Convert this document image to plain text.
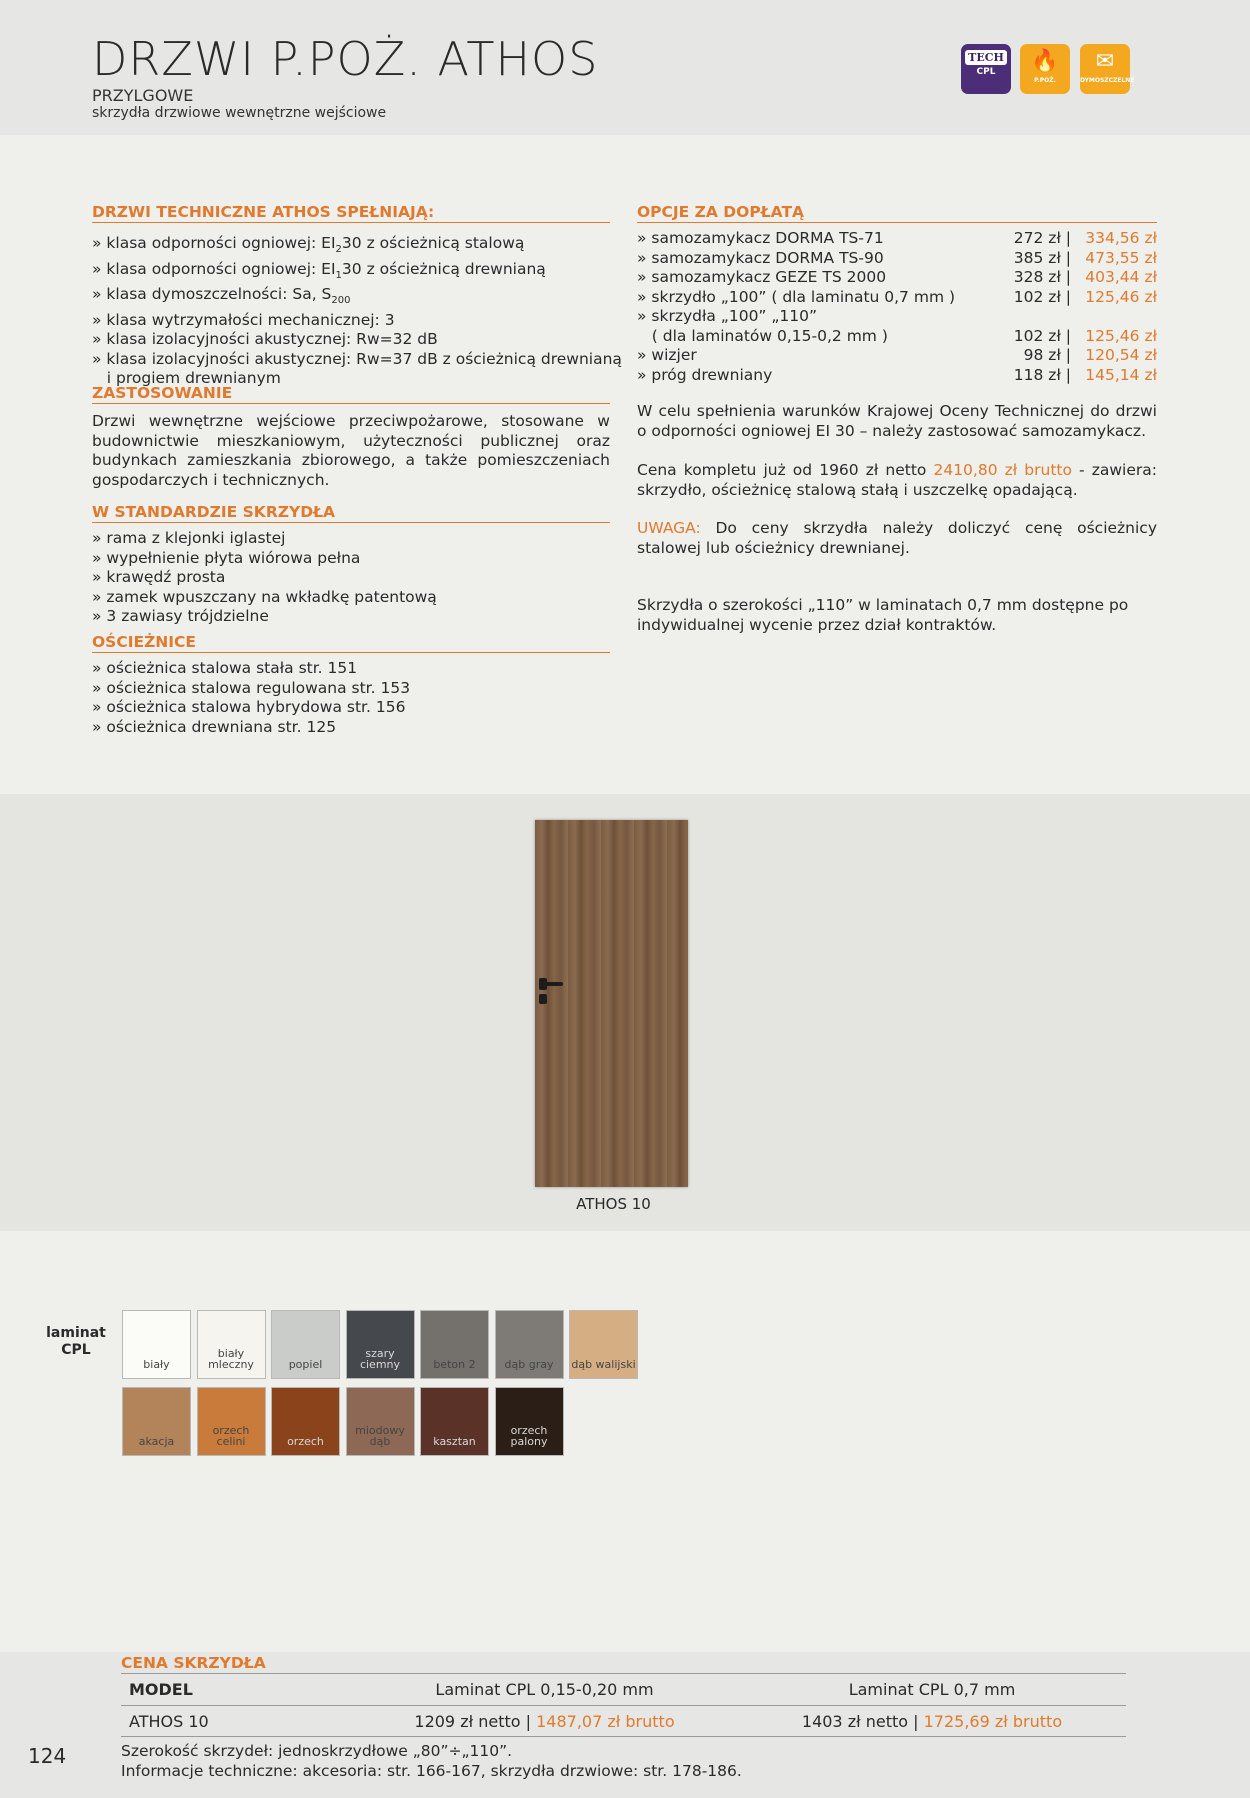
DRZWI P.POŻ. ATHOS
PRZYLGOWE
skrzydła drzwiowe wewnętrzne wejściowe
TECH
CPL	🔥
P.POŻ.
✉
DYMOSZCZELNE
DRZWI TECHNICZNE ATHOS SPEŁNIAJĄ:
» klasa odporności ogniowej: $EI_230$ z ościeżnicą stalową
» klasa odporności ogniowej: $EI_130$ z ościeżnicą drewnianą
» klasa dymoszczelności: Sa, $S_{200}$
» klasa wytrzymałości mechanicznej: 3
» klasa izolacyjności akustycznej: Rw=32 dB
» klasa izolacyjności akustycznej: Rw=37 dB z ościeżnicą drewnianą
i progiem drewnianym
ZASTOSOWANIE

Drzwi wewnętrzne wejściowe przeciwpożarowe, stosowane w budownictwie mieszkaniowym, użyteczności publicznej oraz budynkach zamieszkania zbiorowego, a także pomieszczeniach gospodarczych i technicznych.

W STANDARDZIE SKRZYDŁA
» rama z klejonki iglastej
» wypełnienie płyta wiórowa pełna
» krawędź prosta
» zamek wpuszczany na wkładkę patentową
» 3 zawiasy trójdzielne
OŚCIEŻNICE
» ościeżnica stalowa stała str. 151
» ościeżnica stalowa regulowana str. 153
» ościeżnica stalowa hybrydowa str. 156
» ościeżnica drewniana str. 125
OPCJE ZA DOPŁATĄ
» samozamykacz DORMA TS-71	272 zł | 334,56 zł
» samozamykacz DORMA TS-90	385 zł | 473,55 zł
» samozamykacz GEZE TS 2000	328 zł | 403,44 zł
» skrzydło „100” ( dla laminatu 0,7 mm )	102 zł | 125,46 zł
» skrzydła „100” „110”
( dla laminatów 0,15-0,2 mm )	102 zł | 125,46 zł
» wizjer	98 zł | 120,54 zł
» próg drewniany	118 zł | 145,14 zł

W celu spełnienia warunków Krajowej Oceny Technicznej do drzwi o odporności ogniowej EI 30 – należy zastosować samozamykacz.

Cena kompletu już od 1960 zł netto 2410,80 zł brutto - zawiera: skrzydło, ościeżnicę stalową stałą i uszczelkę opadającą.

UWAGA: Do ceny skrzydła należy doliczyć cenę ościeżnicy stalowej lub ościeżnicy drewnianej.

Skrzydła o szerokości „110” w laminatach 0,7 mm dostępne po indywidualnej wycenie przez dział kontraktów.

ATHOS 10
laminat
CPL
biały
biały mleczny	popiel
szary ciemny	beton 2	dąb gray	dąb walijski
akacja
orzech celini	orzech
miodowy dąb	kasztan
orzech palony
CENA SKRZYDŁA
MODEL	Laminat CPL 0,15-0,20 mm	Laminat CPL 0,7 mm
ATHOS 10	1209 zł netto | 1487,07 zł brutto	1403 zł netto | 1725,69 zł brutto
124	Szerokość skrzydeł: jednoskrzydłowe „80”÷„110”.
Informacje techniczne: akcesoria: str. 166-167, skrzydła drzwiowe: str. 178-186.
